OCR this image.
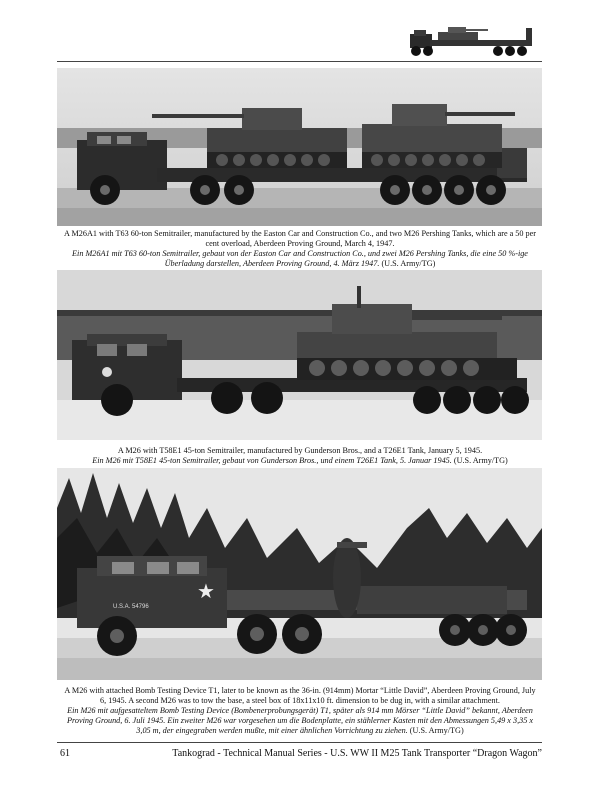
A M26A1 with T63 60-ton Semitrailer, manufactured by the Easton Car and Construction Co., and two M26 Pershing Tanks, which are a 50 per cent overload, Aberdeen Proving Ground, March 4, 1947.
Ein M26A1 mit T63 60-ton Semitrailer, gebaut von der Easton Car and Construction Co., und zwei M26 Pershing Tanks, die eine 50 %-ige Überladung darstellen, Aberdeen Proving Ground, 4. März 1947. (U.S. Army/TG)
A M26 with T58E1 45-ton Semitrailer, manufactured by Gunderson Bros., and a T26E1 Tank, January 5, 1945.
Ein M26 mit T58E1 45-ton Semitrailer, gebaut von Gunderson Bros., und einem T26E1 Tank, 5. Januar 1945. (U.S. Army/TG)
★
U.S.A. 54796
A M26 with attached Bomb Testing Device T1, later to be known as the 36-in. (914mm) Mortar “Little David”, Aberdeen Proving Ground, July 6, 1945. A second M26 was to tow the base, a steel box of 18x11x10 ft. dimension to be dug in, with a similar attachment.
Ein M26 mit aufgesatteltem Bomb Testing Device (Bombenerprobungsgerät) T1, später als 914 mm Mörser “Little David” bekannt, Aberdeen Proving Ground, 6. Juli 1945. Ein zweiter M26 war vorgesehen um die Bodenplatte, ein stählerner Kasten mit den Abmessungen 5,49 x 3,35 x 3,05 m, der eingegraben werden mußte, mit einer ähnlichen Vorrichtung zu ziehen. (U.S. Army/TG)
61	Tankograd - Technical Manual Series - U.S. WW II M25 Tank Transporter “Dragon Wagon”
